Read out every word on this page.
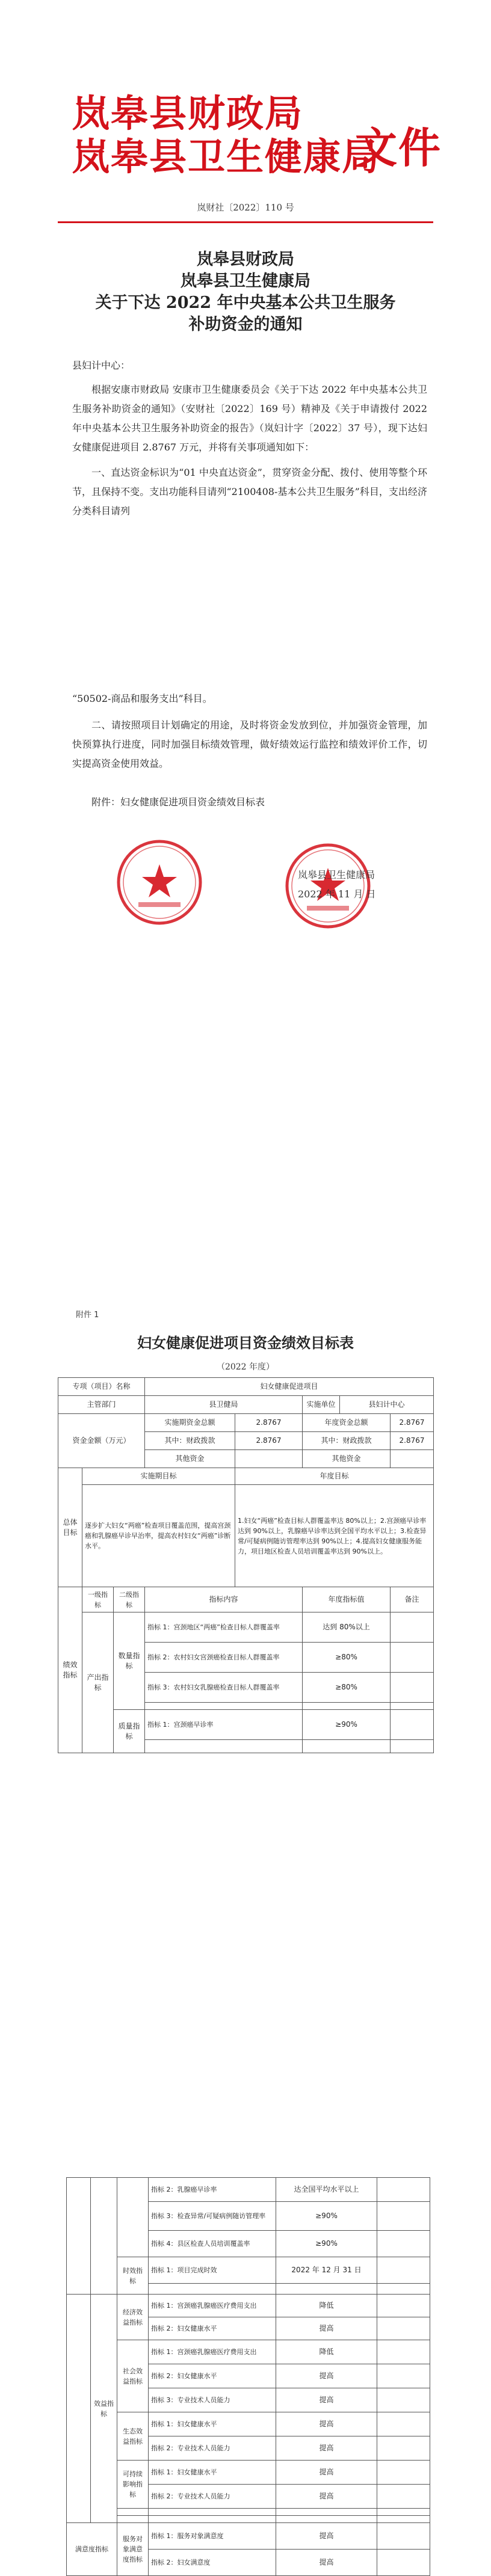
岚皋县财政局
岚皋县卫生健康局
文件
岚财社〔2022〕110 号
岚皋县财政局
岚皋县卫生健康局
关于下达 2022 年中央基本公共卫生服务
补助资金的通知
县妇计中心：
根据安康市财政局 安康市卫生健康委员会《关于下达 2022 年中央基本公共卫生服务补助资金的通知》（安财社〔2022〕169 号）精神及《关于申请拨付 2022 年中央基本公共卫生服务补助资金的报告》（岚妇计字〔2022〕37 号），现下达妇女健康促进项目 2.8767 万元，并将有关事项通知如下：
一、直达资金标识为“01 中央直达资金”，贯穿资金分配、拨付、使用等整个环节，且保持不变。支出功能科目请列“2100408-基本公共卫生服务”科目，支出经济分类科目请列
“50502-商品和服务支出”科目。
二、请按照项目计划确定的用途，及时将资金发放到位，并加强资金管理，加快预算执行进度，同时加强目标绩效管理，做好绩效运行监控和绩效评价工作，切实提高资金使用效益。
附件：妇女健康促进项目资金绩效目标表
岚皋县卫生健康局
2022 年 11 月 日
附件 1
妇女健康促进项目资金绩效目标表
（2022 年度）
专项（项目）名称			妇女健康促进项目				
主管部门			县卫健局		实施单位	县妇计中心	
资金金额（万元）			实施期资金总额	2.8767	年度资金总额		2.8767
			其中：财政拨款	2.8767	其中：财政拨款		2.8767
			其他资金		其他资金		
总体目标	实施期目标			年度目标			
	逐步扩大妇女“两癌”检查项目覆盖范围，提高宫颈癌和乳腺癌早诊早治率，提高农村妇女“两癌”诊断水平。			1.妇女“两癌”检查目标人群覆盖率达 80%以上；2.宫颈癌早诊率达到 90%以上，乳腺癌早诊率达到全国平均水平以上；3.检查异常/可疑病例随访管理率达到 90%以上；4.提高妇女健康服务能力，项目地区检查人员培训覆盖率达到 90%以上。			
绩效指标	一级指标	二级指标	指标内容		年度指标值		备注
	产出指标	数量指标	指标 1：宫颈地区“两癌”检查目标人群覆盖率		达到 80%以上		
			指标 2：农村妇女宫颈癌检查目标人群覆盖率		≥80%		
			指标 3：农村妇女乳腺癌检查目标人群覆盖率		≥80%		

		质量指标	指标 1：宫颈癌早诊率		≥90%		

			指标 2：乳腺癌早诊率	达全国平均水平以上	
			指标 3：检查异常/可疑病例随访管理率	≥90%	
			指标 4：县区检查人员培训覆盖率	≥90%	
		时效指标	指标 1：项目完成时效	2022 年 12 月 31 日	

	效益指标	经济效益指标	指标 1：宫颈癌乳腺癌医疗费用支出	降低	
			指标 2：妇女健康水平	提高	
		社会效益指标	指标 1：宫颈癌乳腺癌医疗费用支出	降低	
			指标 2：妇女健康水平	提高	
			指标 3：专业技术人员能力	提高	
		生态效益指标	指标 1：妇女健康水平	提高	
			指标 2：专业技术人员能力	提高	
		可持续影响指标	指标 1：妇女健康水平	提高	
			指标 2：专业技术人员能力	提高	

满意度指标		服务对象满意度指标	指标 1：服务对象满意度	提高	
			指标 2：妇女满意度	提高	
